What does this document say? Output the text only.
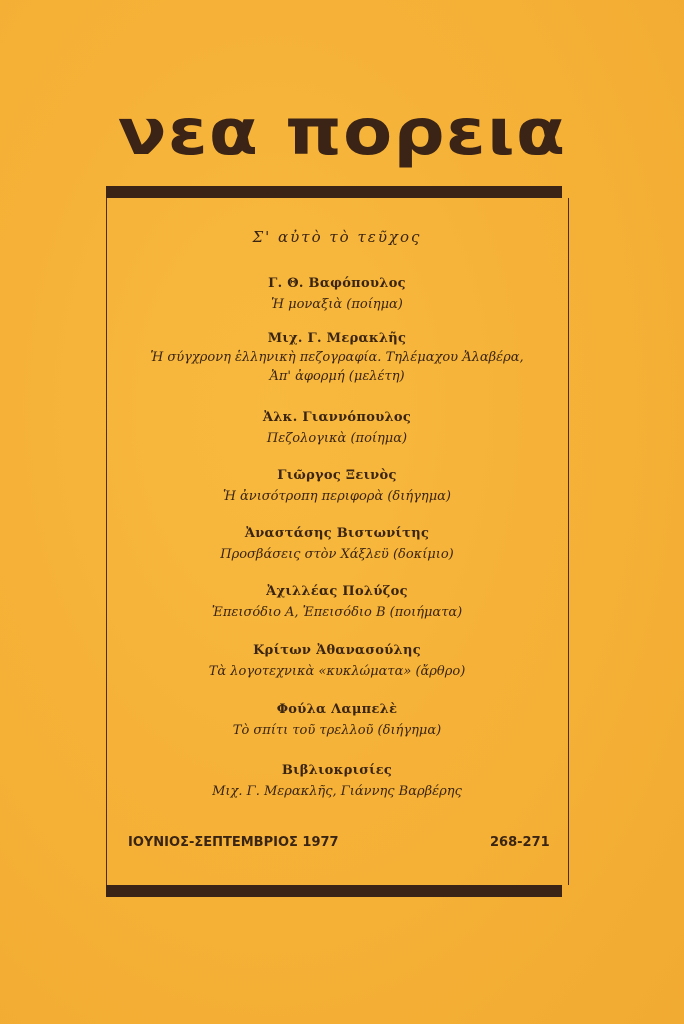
νεα πορεια
Σ' αὐτὸ τὸ τεῦχος
Γ. Θ. Βαφόπουλος
Ἡ μοναξιὰ (ποίημα)
Μιχ. Γ. Μερακλῆς
Ἡ σύγχρονη ἑλληνικὴ πεζογραφία. Τηλέμαχου Ἀλαβέρα,
Ἀπ' ἀφορμή (μελέτη)
Ἀλκ. Γιαννόπουλος
Πεζολογικὰ (ποίημα)
Γιῶργος Ξεινὸς
Ἡ ἀνισότροπη περιφορὰ (διήγημα)
Ἀναστάσης Βιστωνίτης
Προσβάσεις στὸν Χάξλεϋ (δοκίμιο)
Ἀχιλλέας Πολύζος
Ἐπεισόδιο Α, Ἐπεισόδιο Β (ποιήματα)
Κρίτων Ἀθανασούλης
Τὰ λογοτεχνικὰ «κυκλώματα» (ἄρθρο)
Φούλα Λαμπελὲ
Τὸ σπίτι τοῦ τρελλοῦ (διήγημα)
Βιβλιοκρισίες
Μιχ. Γ. Μερακλῆς, Γιάννης Βαρβέρης
ΙΟΥΝΙΟΣ-ΣΕΠΤΕΜΒΡΙΟΣ 1977	268-271
